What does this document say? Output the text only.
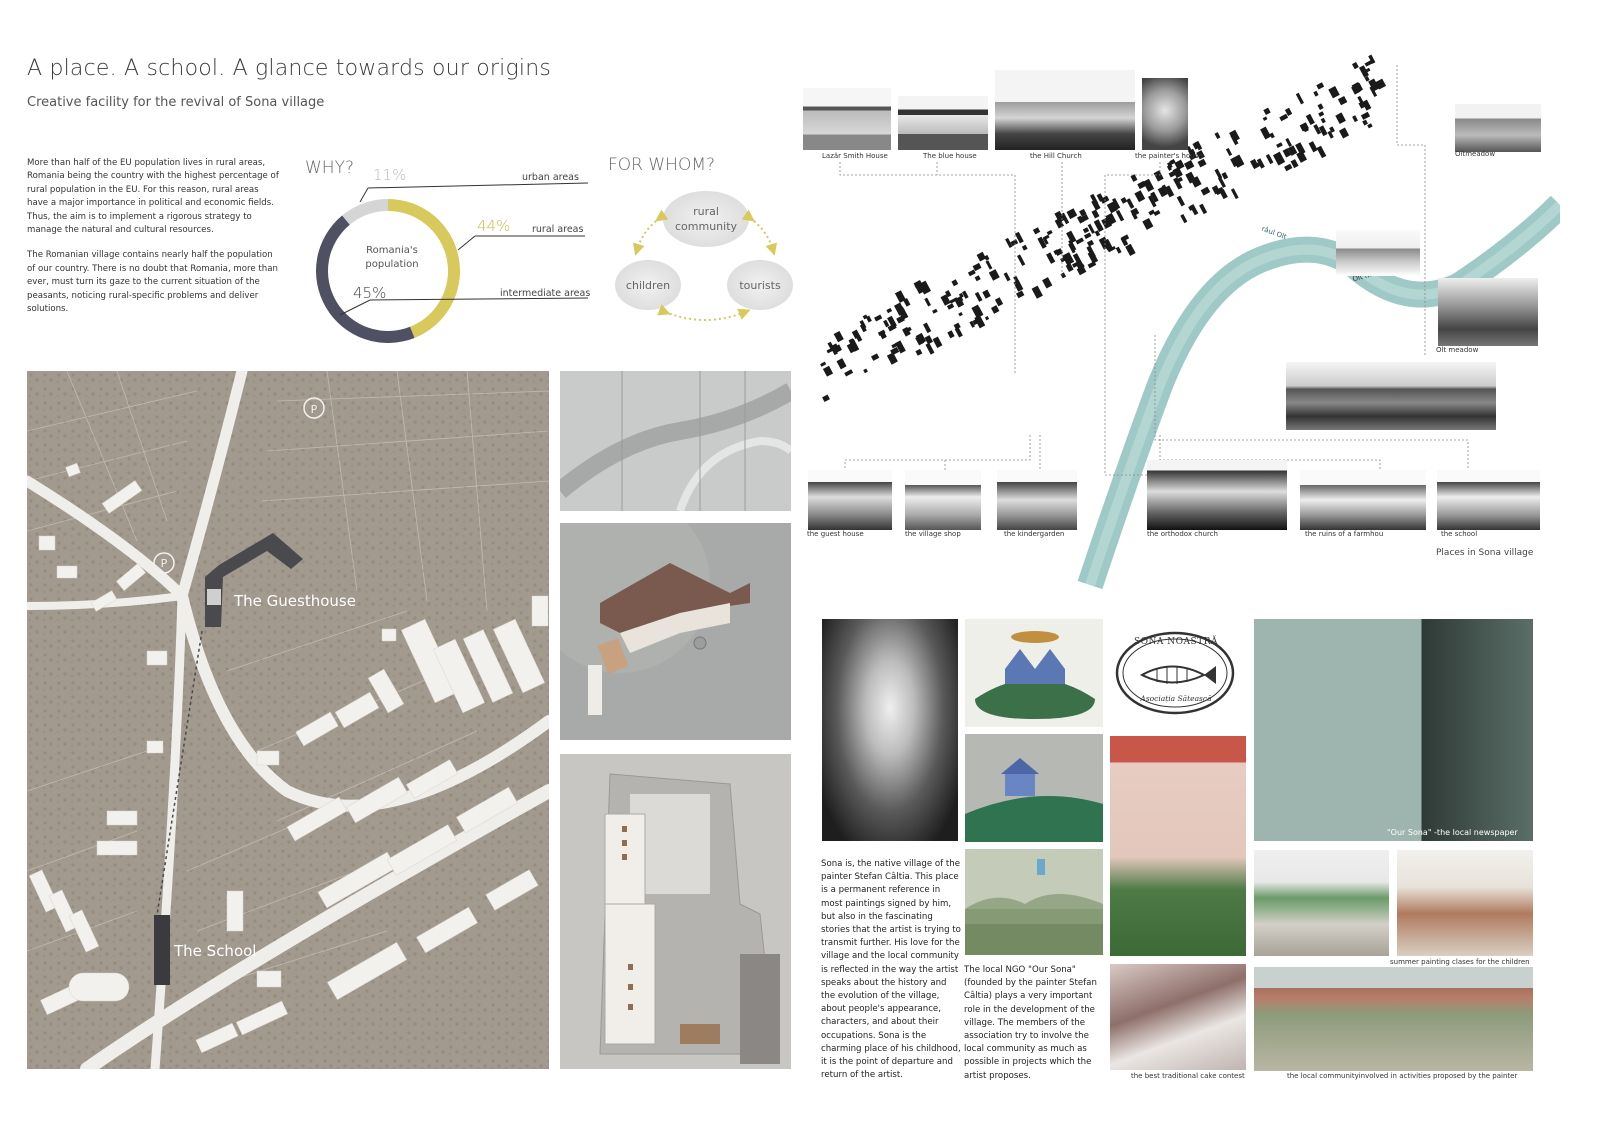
A place. A school. A glance towards our origins
Creative facility for the revival of Sona village

More than half of the EU population lives in rural areas, Romania being the country with the highest percentage of rural population in the EU. For this reason, rural areas have a major importance in political and economic fields. Thus, the aim is to implement a rigorous strategy to manage the natural and cultural resources.

The Romanian village contains nearly half the population of our country. There is no doubt that Romania, more than ever, must turn its gaze to the current situation of the peasants, noticing rural-specific problems and deliver solutions.

WHY?	urban areas
rural areas
intermediate areas
11%
44%
45%
Romania's population
FOR WHOM?
rural community
children	tourists
P
P
The Guesthouse
The School
râul Olt
Places in Sona village
Lazăr Smith House	The blue house	the Hill Church	the painter's house	Oltmeadow
Olt meadow
the guest house	the village shop	the kindergarden	the orthodox church	the ruins of a farmhou	the school
Sona is, the native village of the painter Stefan Câltia. This place is a permanent reference in most paintings signed by him, but also in the fascinating stories that the artist is trying to transmit further. His love for the village and the local community is reflected in the way the artist speaks about the history and the evolution of the village, about people's appearance, characters, and about their occupations. Sona is the charming place of his childhood, it is the point of departure and return of the artist.
The local NGO "Our Sona" (founded by the painter Stefan Câltia) plays a very important role in the development of the village. The members of the association try to involve the local community as much as possible in projects which the artist proposes.
SONA NOASTRĂ
Asociația Sătească
the best traditional cake contest
"Our Sona" -the local newspaper
summer painting clases for the children
the local communityinvolved in activities proposed by the painter
